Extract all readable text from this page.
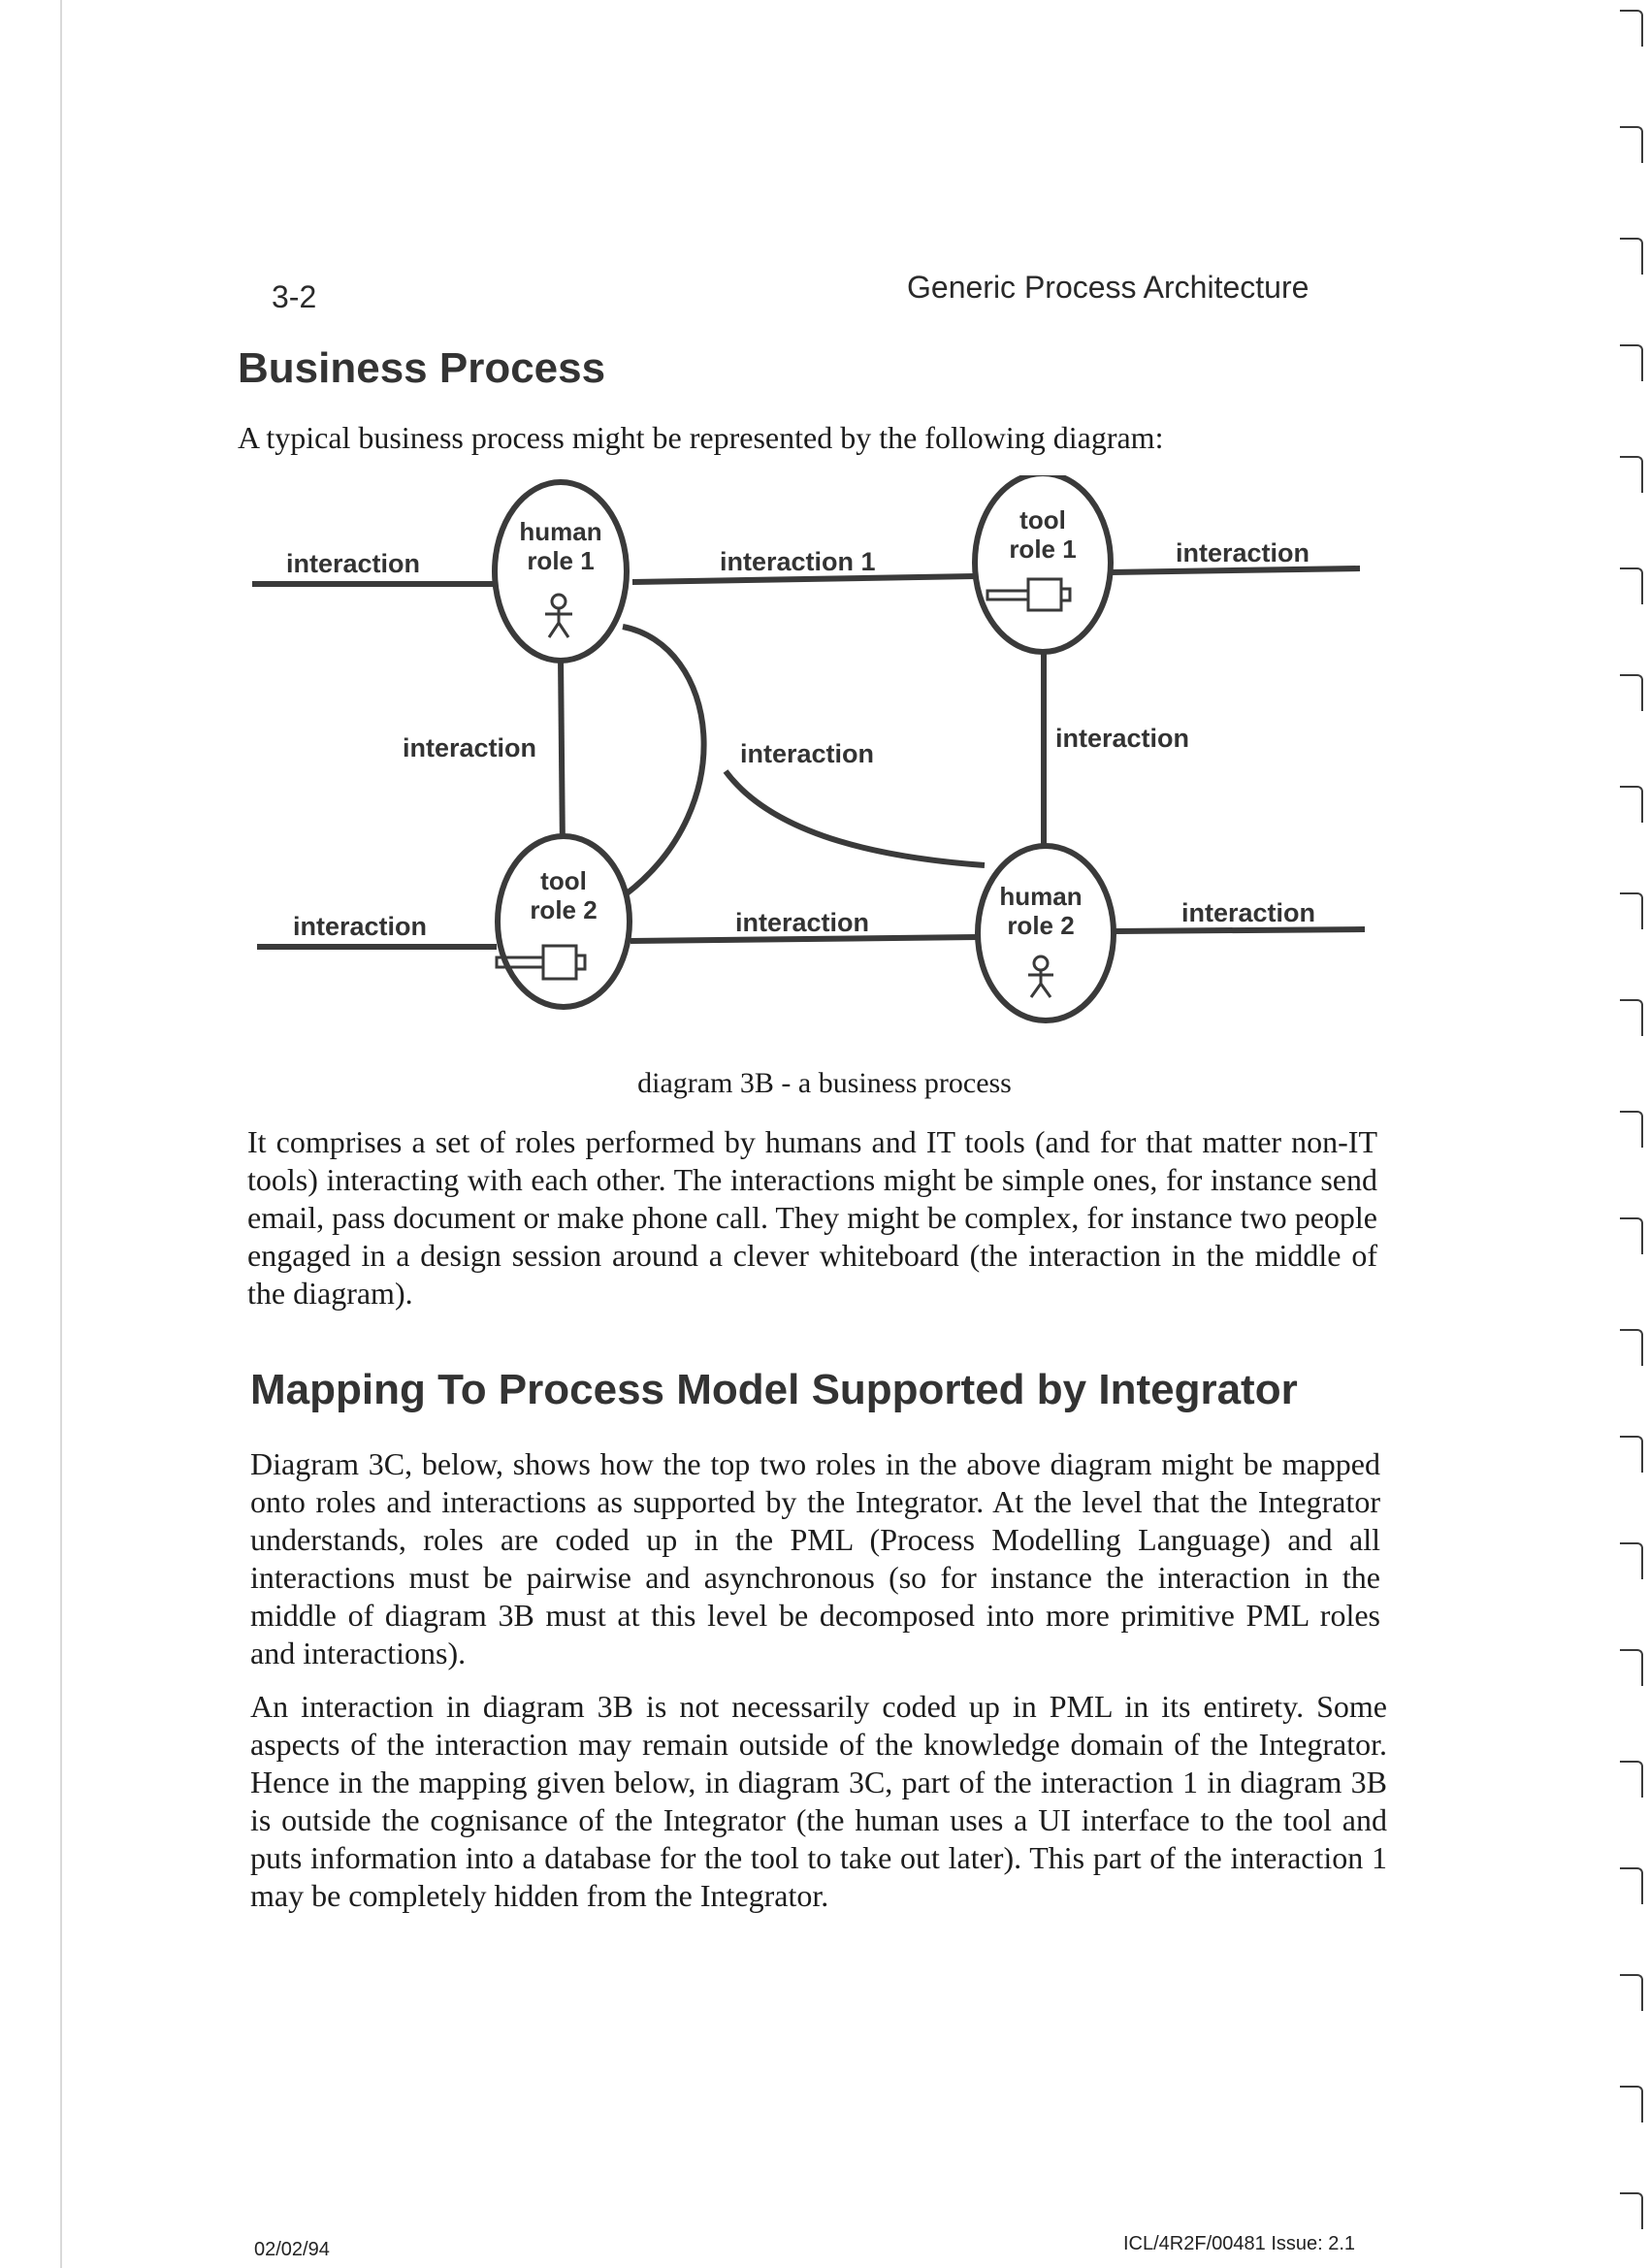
3-2	Generic Process Architecture
Business Process

A typical business process might be represented by the following diagram:

human
role 1
tool
role 1
tool
role 2	human
role 2
interaction	interaction 1	interaction
interaction	interaction
interaction
interaction	interaction	interaction
diagram 3B - a business process

It comprises a set of roles performed by humans and IT tools (and for that matter non-IT tools) interacting with each other. The interactions might be simple ones, for instance send email, pass document or make phone call. They might be complex, for instance two people engaged in a design session around a clever whiteboard (the interaction in the middle of the diagram).

Mapping To Process Model Supported by Integrator

Diagram 3C, below, shows how the top two roles in the above diagram might be mapped onto roles and interactions as supported by the Integrator. At the level that the Integrator understands, roles are coded up in the PML (Process Modelling Language) and all interactions must be pairwise and asynchronous (so for instance the interaction in the middle of diagram 3B must at this level be decomposed into more primitive PML roles and interactions).

An interaction in diagram 3B is not necessarily coded up in PML in its entirety. Some aspects of the interaction may remain outside of the knowledge domain of the Integrator. Hence in the mapping given below, in diagram 3C, part of the interaction 1 in diagram 3B is outside the cognisance of the Integrator (the human uses a UI interface to the tool and puts information into a database for the tool to take out later). This part of the interaction 1 may be completely hidden from the Integrator.

02/02/94	ICL/4R2F/00481 Issue: 2.1
